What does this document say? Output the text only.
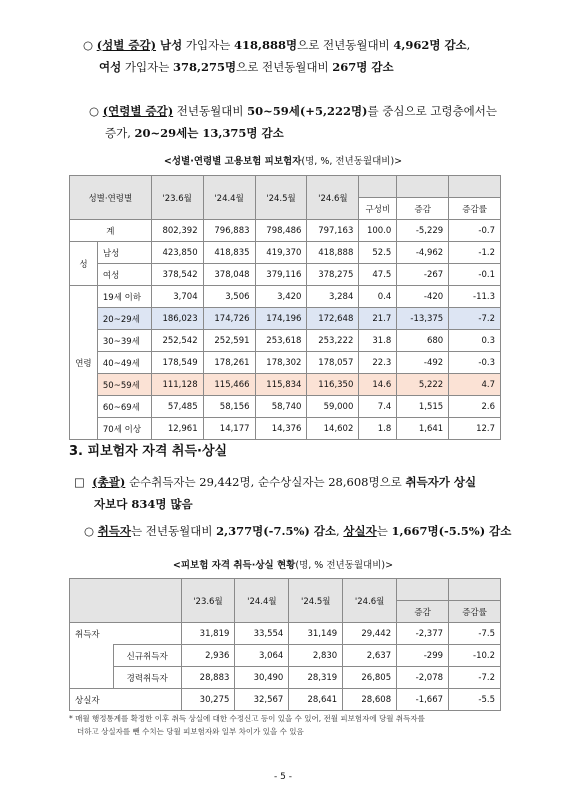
○ (성별 증감) 남성 가입자는 418,888명으로 전년동월대비 4,962명 감소,
여성 가입자는 378,275명으로 전년동월대비 267명 감소
○ (연령별 증감) 전년동월대비 50~59세(+5,222명)를 중심으로 고령층에서는
증가, 20~29세는 13,375명 감소
<성별·연령별 고용보험 피보험자(명, %, 전년동월대비)>
성별·연령별		'23.6월	'24.4월	'24.5월	'24.6월			
						구성비	증감	증감률
계		802,392	796,883	798,486	797,163	100.0	-5,229	-0.7
성	남성	423,850	418,835	419,370	418,888	52.5	-4,962	-1.2
	여성	378,542	378,048	379,116	378,275	47.5	-267	-0.1
연령	19세 이하	3,704	3,506	3,420	3,284	0.4	-420	-11.3
	20~29세	186,023	174,726	174,196	172,648	21.7	-13,375	-7.2
	30~39세	252,542	252,591	253,618	253,222	31.8	680	0.3
	40~49세	178,549	178,261	178,302	178,057	22.3	-492	-0.3
	50~59세	111,128	115,466	115,834	116,350	14.6	5,222	4.7
	60~69세	57,485	58,156	58,740	59,000	7.4	1,515	2.6
	70세 이상	12,961	14,177	14,376	14,602	1.8	1,641	12.7
3. 피보험자 자격 취득·상실
□ (총괄) 순수취득자는 29,442명, 순수상실자는 28,608명으로 취득자가 상실
자보다 834명 많음
○ 취득자는 전년동월대비 2,377명(-7.5%) 감소, 상실자는 1,667명(-5.5%) 감소
<피보험 자격 취득·상실 현황(명, % 전년동월대비)>
		'23.6월	'24.4월	'24.5월	'24.6월		
						증감	증감률
취득자		31,819	33,554	31,149	29,442	-2,377	-7.5
	신규취득자	2,936	3,064	2,830	2,637	-299	-10.2
	경력취득자	28,883	30,490	28,319	26,805	-2,078	-7.2
상실자		30,275	32,567	28,641	28,608	-1,667	-5.5
* 매월 행정통계를 확정한 이후 취득 상실에 대한 수정신고 등이 있을 수 있어, 전월 피보험자에 당월 취득자를
더하고 상실자를 뺀 수치는 당월 피보험자와 일부 차이가 있을 수 있음
- 5 -
